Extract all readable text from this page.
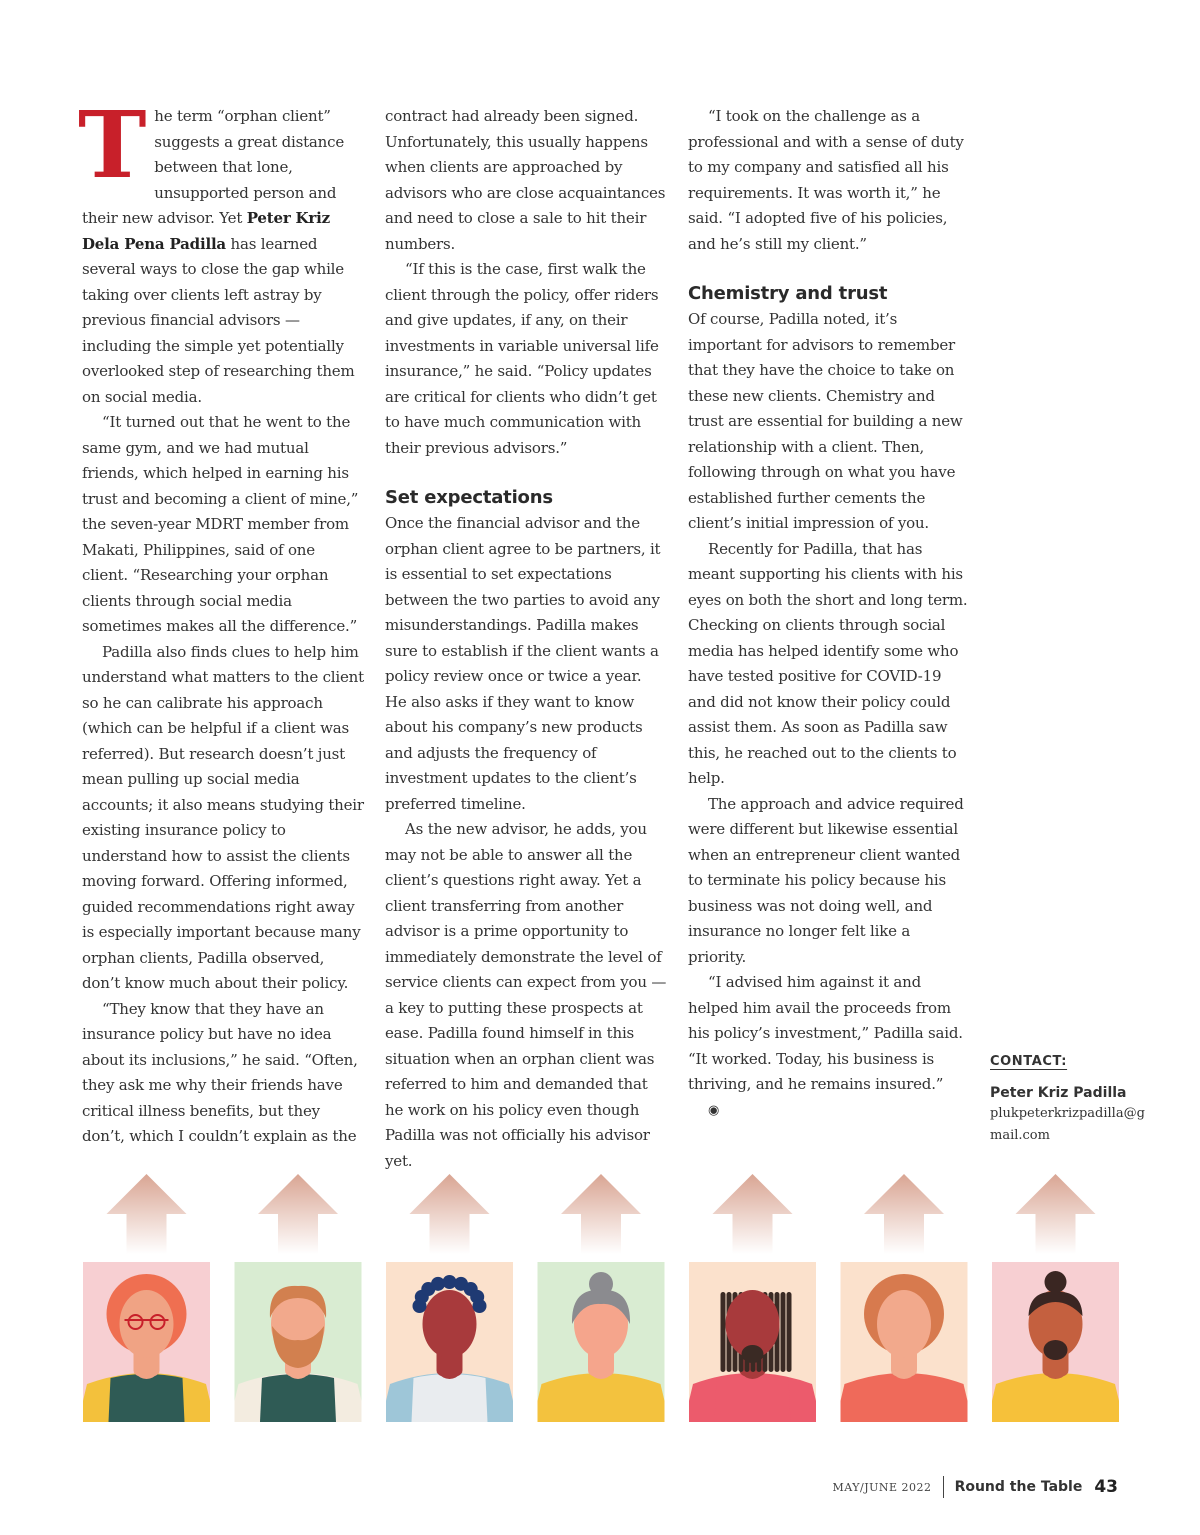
The term “orphan client” suggests a great distance between that lone, unsupported person and their new advisor. Yet Peter Kriz Dela Pena Padilla has learned several ways to close the gap while taking over clients left astray by previous financial advisors — including the simple yet potentially overlooked step of researching them on social media.

“It turned out that he went to the same gym, and we had mutual friends, which helped in earning his trust and becoming a client of mine,” the seven-year MDRT member from Makati, Philippines, said of one client. “Researching your orphan clients through social media sometimes makes all the difference.”

Padilla also finds clues to help him understand what matters to the client so he can calibrate his approach (which can be helpful if a client was referred). But research doesn’t just mean pulling up social media accounts; it also means studying their existing insurance policy to understand how to assist the clients moving forward. Offering informed, guided recommendations right away is especially important because many orphan clients, Padilla observed, don’t know much about their policy.

“They know that they have an insurance policy but have no idea about its inclusions,” he said. “Often, they ask me why their friends have critical illness benefits, but they don’t, which I couldn’t explain as the

contract had already been signed. Unfortunately, this usually happens when clients are approached by advisors who are close acquaintances and need to close a sale to hit their numbers.

“If this is the case, first walk the client through the policy, offer riders and give updates, if any, on their investments in variable universal life insurance,” he said. “Policy updates are critical for clients who didn’t get to have much communication with their previous advisors.”

Set expectations

Once the financial advisor and the orphan client agree to be partners, it is essential to set expectations between the two parties to avoid any misunderstandings. Padilla makes sure to establish if the client wants a policy review once or twice a year. He also asks if they want to know about his company’s new products and adjusts the frequency of investment updates to the client’s preferred timeline.

As the new advisor, he adds, you may not be able to answer all the client’s questions right away. Yet a client transferring from another advisor is a prime opportunity to immediately demonstrate the level of service clients can expect from you — a key to putting these prospects at ease. Padilla found himself in this situation when an orphan client was referred to him and demanded that he work on his policy even though Padilla was not officially his advisor yet.

“I took on the challenge as a professional and with a sense of duty to my company and satisfied all his requirements. It was worth it,” he said. “I adopted five of his policies, and he’s still my client.”

Chemistry and trust

Of course, Padilla noted, it’s important for advisors to remember that they have the choice to take on these new clients. Chemistry and trust are essential for building a new relationship with a client. Then, following through on what you have established further cements the client’s initial impression of you.

Recently for Padilla, that has meant supporting his clients with his eyes on both the short and long term. Checking on clients through social media has helped identify some who have tested positive for COVID-19 and did not know their policy could assist them. As soon as Padilla saw this, he reached out to the clients to help.

The approach and advice required were different but likewise essential when an entrepreneur client wanted to terminate his policy because his business was not doing well, and insurance no longer felt like a priority.

“I advised him against it and helped him avail the proceeds from his policy’s investment,” Padilla said. “It worked. Today, his business is thriving, and he remains insured.” ◉

CONTACT:
Peter Kriz Padilla
plukpeterkrizpadilla@gmail.com
MAY/JUNE 2022 Round the Table 43
